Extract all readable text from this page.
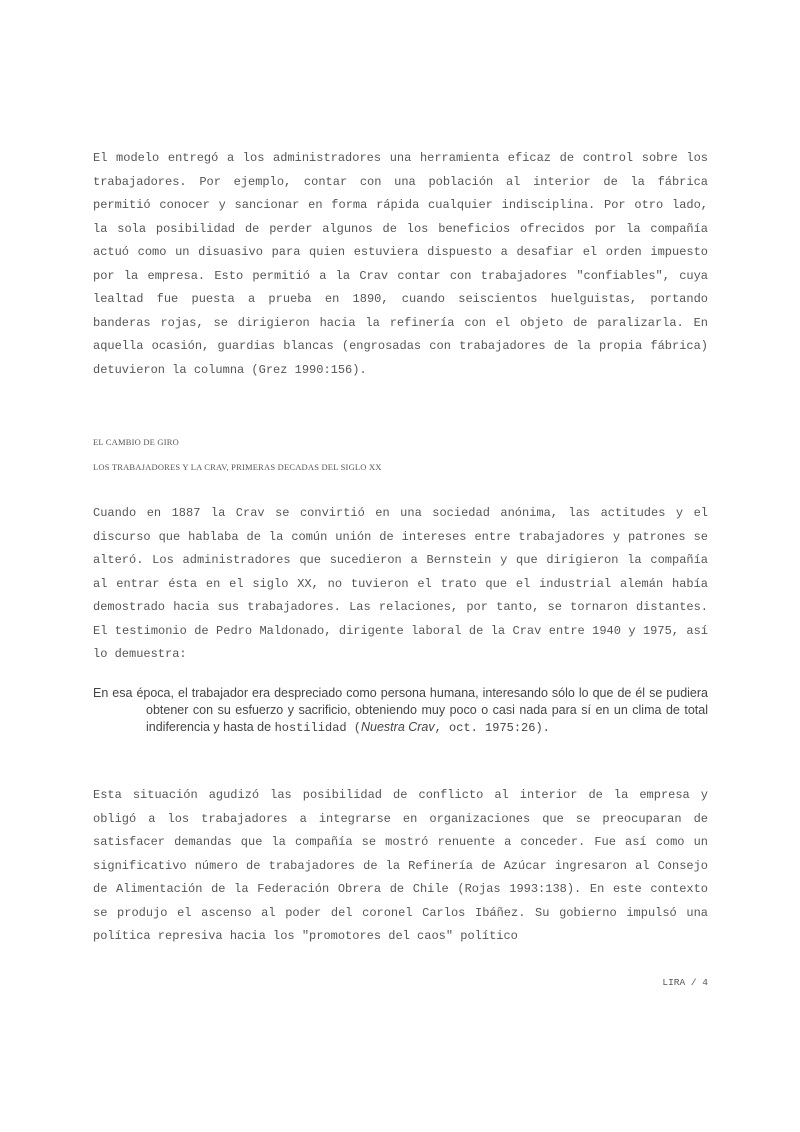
El modelo entregó a los administradores una herramienta eficaz de control sobre los trabajadores. Por ejemplo, contar con una población al interior de la fábrica permitió conocer y sancionar en forma rápida cualquier indisciplina. Por otro lado, la sola posibilidad de perder algunos de los beneficios ofrecidos por la compañía actuó como un disuasivo para quien estuviera dispuesto a desafiar el orden impuesto por la empresa. Esto permitió a la Crav contar con trabajadores "confiables", cuya lealtad fue puesta a prueba en 1890, cuando seiscientos huelguistas, portando banderas rojas, se dirigieron hacia la refinería con el objeto de paralizarla. En aquella ocasión, guardias blancas (engrosadas con trabajadores de la propia fábrica) detuvieron la columna (Grez 1990:156).

EL CAMBIO DE GIRO

LOS TRABAJADORES Y LA CRAV, PRIMERAS DECADAS DEL SIGLO XX

Cuando en 1887 la Crav se convirtió en una sociedad anónima, las actitudes y el discurso que hablaba de la común unión de intereses entre trabajadores y patrones se alteró. Los administradores que sucedieron a Bernstein y que dirigieron la compañía al entrar ésta en el siglo XX, no tuvieron el trato que el industrial alemán había demostrado hacia sus trabajadores. Las relaciones, por tanto, se tornaron distantes. El testimonio de Pedro Maldonado, dirigente laboral de la Crav entre 1940 y 1975, así lo demuestra:

En esa época, el trabajador era despreciado como persona humana, interesando sólo lo que de él se pudiera obtener con su esfuerzo y sacrificio, obteniendo muy poco o casi nada para sí en un clima de total indiferencia y hasta de hostilidad (Nuestra Crav, oct. 1975:26).

Esta situación agudizó las posibilidad de conflicto al interior de la empresa y obligó a los trabajadores a integrarse en organizaciones que se preocuparan de satisfacer demandas que la compañía se mostró renuente a conceder. Fue así como un significativo número de trabajadores de la Refinería de Azúcar ingresaron al Consejo de Alimentación de la Federación Obrera de Chile (Rojas 1993:138). En este contexto se produjo el ascenso al poder del coronel Carlos Ibáñez. Su gobierno impulsó una política represiva hacia los "promotores del caos" político

LIRA / 4
